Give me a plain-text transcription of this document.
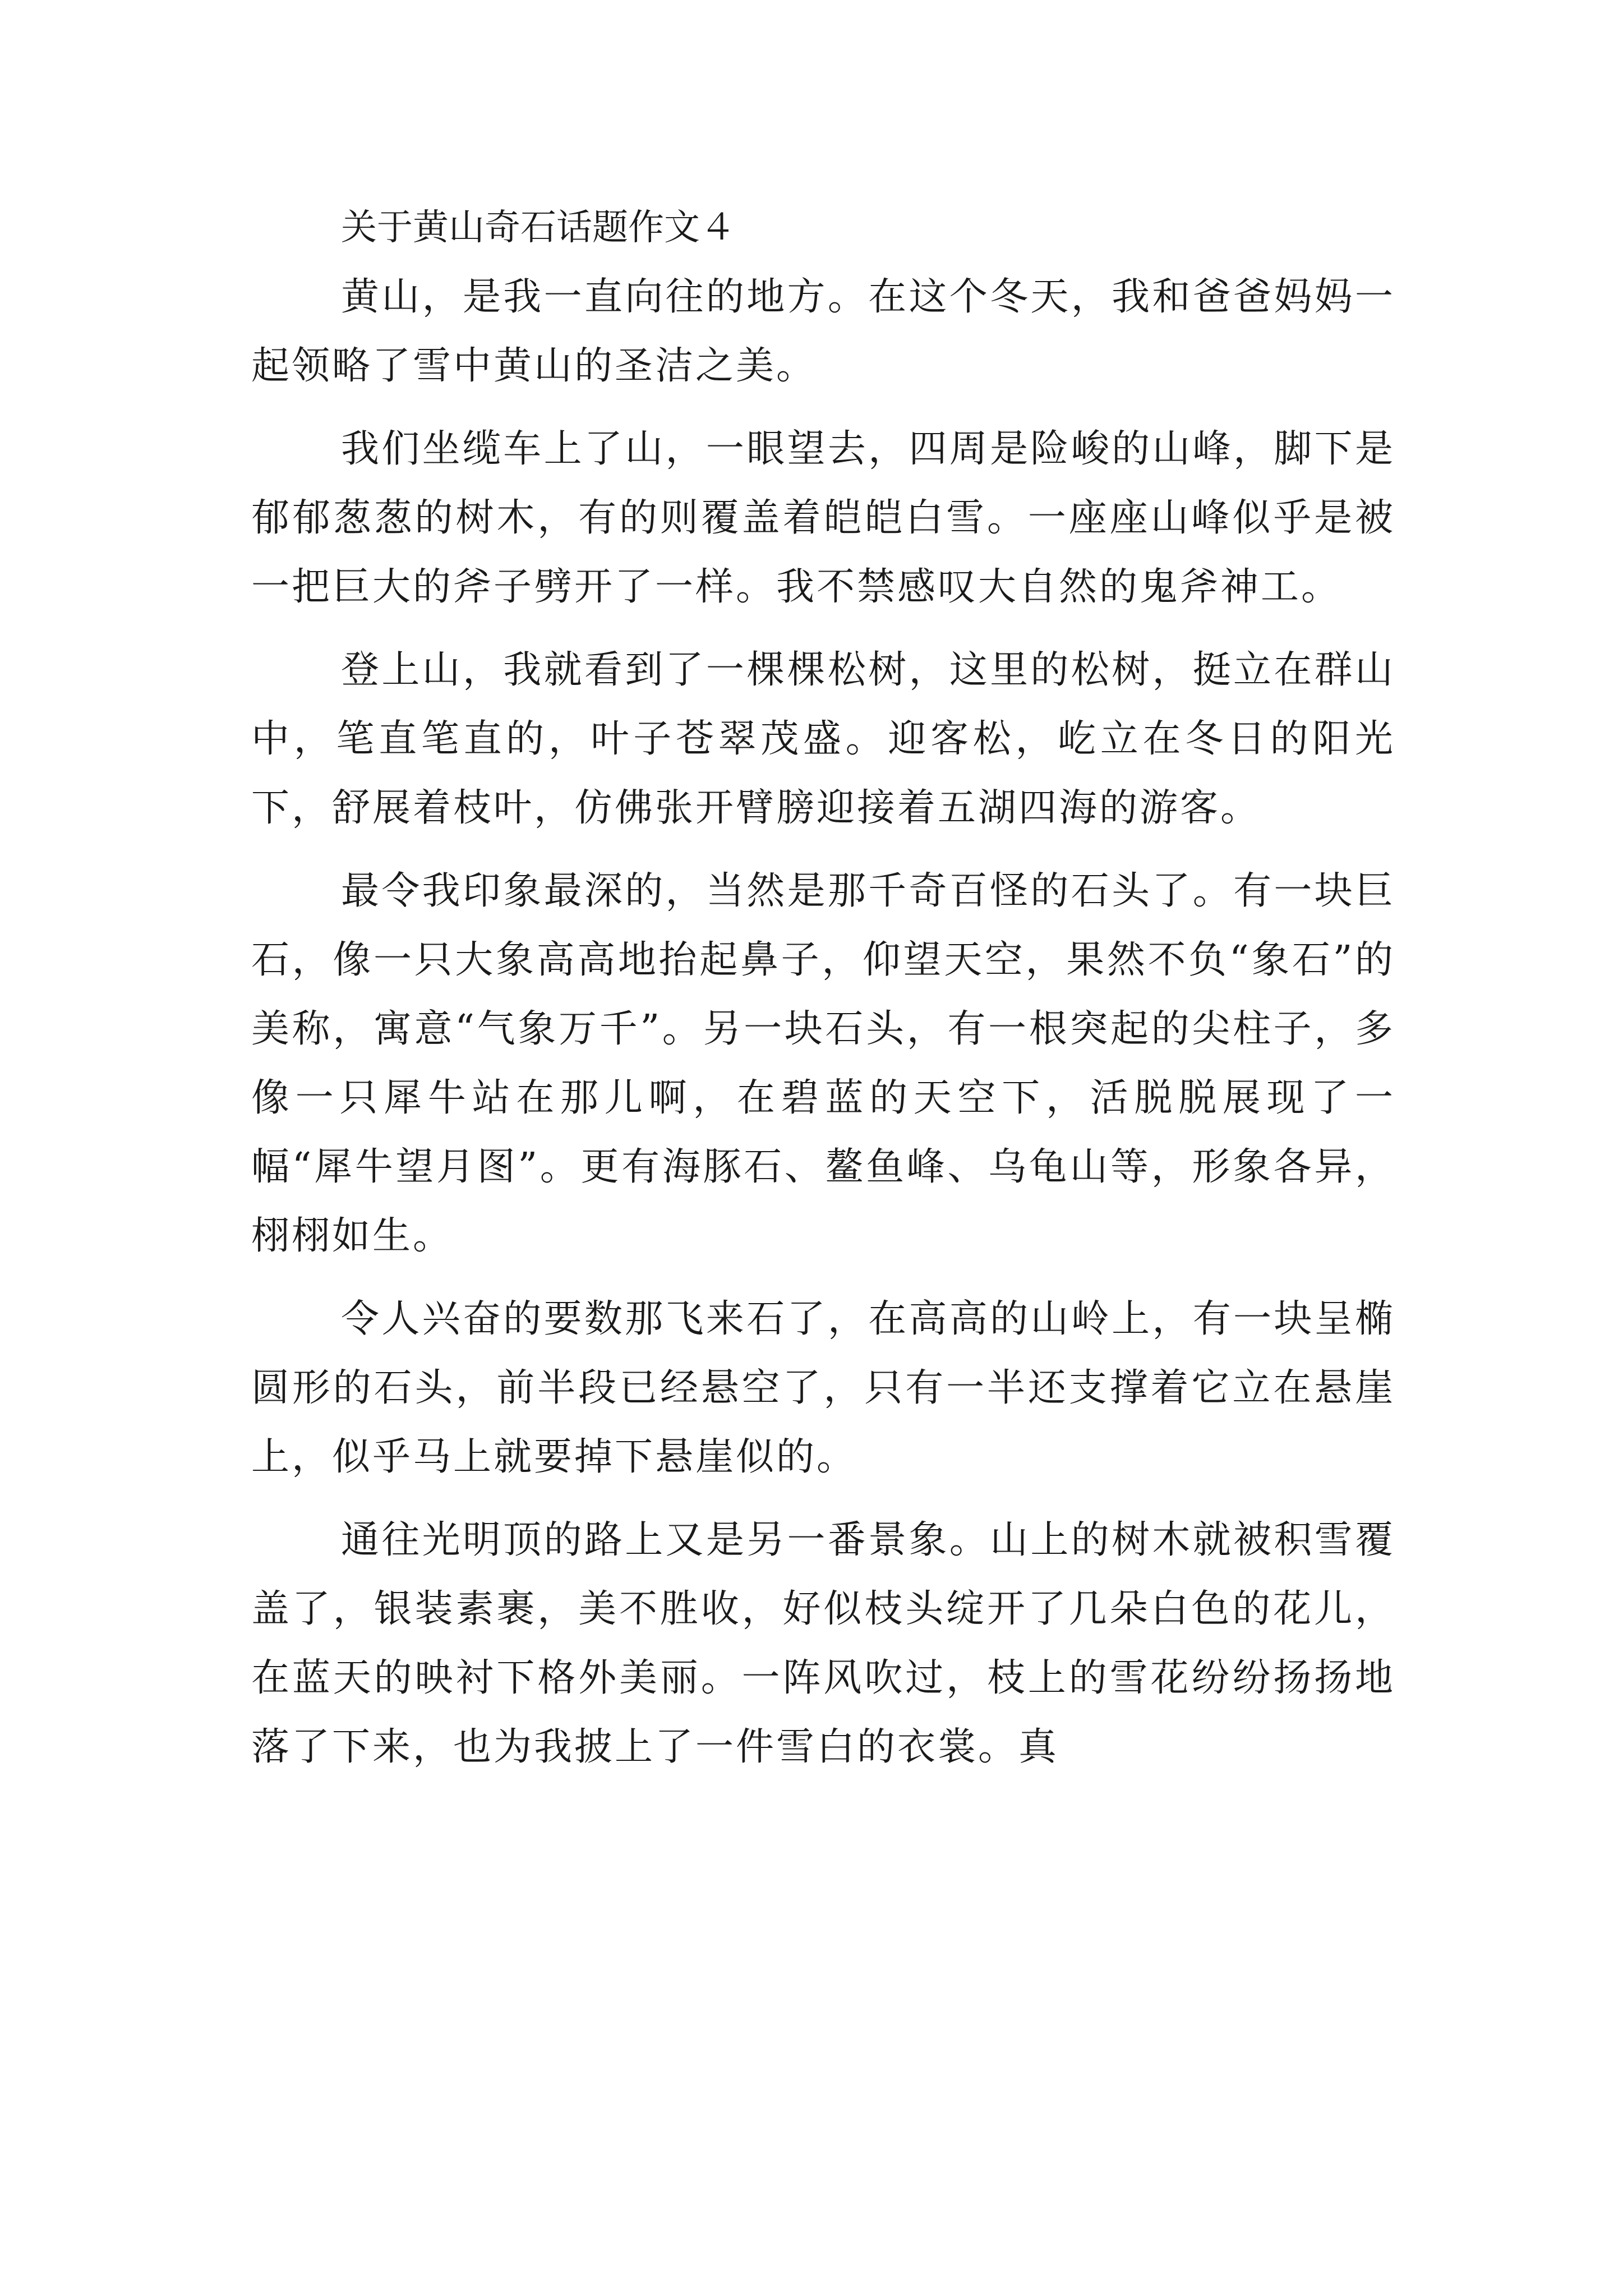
关于黄山奇石话题作文４

黄山，是我一直向往的地方。在这个冬天，我和爸爸妈妈一起领略了雪中黄山的圣洁之美。

我们坐缆车上了山，一眼望去，四周是险峻的山峰，脚下是郁郁葱葱的树木，有的则覆盖着皑皑白雪。一座座山峰似乎是被一把巨大的斧子劈开了一样。我不禁感叹大自然的鬼斧神工。

登上山，我就看到了一棵棵松树，这里的松树，挺立在群山中，笔直笔直的，叶子苍翠茂盛。迎客松，屹立在冬日的阳光下，舒展着枝叶，仿佛张开臂膀迎接着五湖四海的游客。

最令我印象最深的，当然是那千奇百怪的石头了。有一块巨石，像一只大象高高地抬起鼻子，仰望天空，果然不负“象石”的美称，寓意“气象万千”。另一块石头，有一根突起的尖柱子，多像一只犀牛站在那儿啊，在碧蓝的天空下，活脱脱展现了一幅“犀牛望月图”。更有海豚石、鳌鱼峰、乌龟山等，形象各异，栩栩如生。

令人兴奋的要数那飞来石了，在高高的山岭上，有一块呈椭圆形的石头，前半段已经悬空了，只有一半还支撑着它立在悬崖上，似乎马上就要掉下悬崖似的。

通往光明顶的路上又是另一番景象。山上的树木就被积雪覆盖了，银装素裹，美不胜收，好似枝头绽开了几朵白色的花儿，在蓝天的映衬下格外美丽。一阵风吹过，枝上的雪花纷纷扬扬地落了下来，也为我披上了一件雪白的衣裳。真
